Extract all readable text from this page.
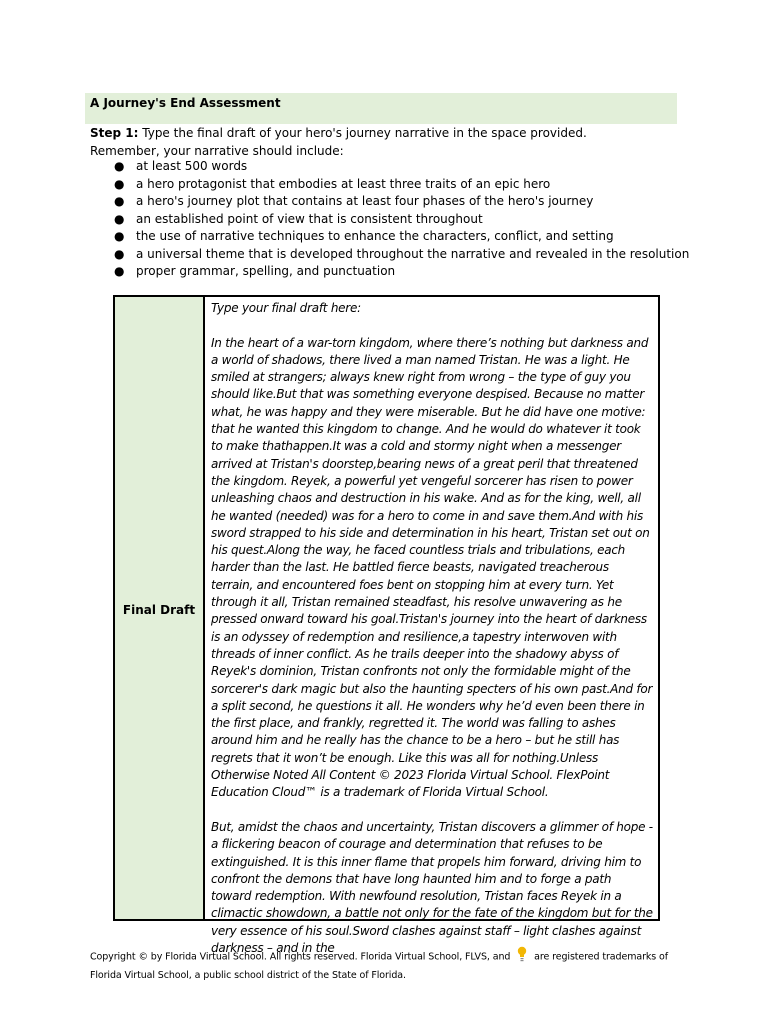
A Journey's End Assessment
Step 1: Type the final draft of your hero's journey narrative in the space provided. Remember, your narrative should include:
● at least 500 words
● a hero protagonist that embodies at least three traits of an epic hero
● a hero's journey plot that contains at least four phases of the hero's journey
● an established point of view that is consistent throughout
● the use of narrative techniques to enhance the characters, conflict, and setting
● a universal theme that is developed throughout the narrative and revealed in the resolution
● proper grammar, spelling, and punctuation
Final Draft

Type your final draft here:

In the heart of a war-torn kingdom, where there’s nothing but darkness and a world of shadows, there lived a man named Tristan. He was a light. He smiled at strangers; always knew right from wrong – the type of guy you should like.But that was something everyone despised. Because no matter what, he was happy and they were miserable. But he did have one motive: that he wanted this kingdom to change. And he would do whatever it took to make thathappen.It was a cold and stormy night when a messenger arrived at Tristan's doorstep,bearing news of a great peril that threatened the kingdom. Reyek, a powerful yet vengeful sorcerer has risen to power unleashing chaos and destruction in his wake. And as for the king, well, all he wanted (needed) was for a hero to come in and save them.And with his sword strapped to his side and determination in his heart, Tristan set out on his quest.Along the way, he faced countless trials and tribulations, each harder than the last. He battled fierce beasts, navigated treacherous terrain, and encountered foes bent on stopping him at every turn. Yet through it all, Tristan remained steadfast, his resolve unwavering as he pressed onward toward his goal.Tristan's journey into the heart of darkness is an odyssey of redemption and resilience,a tapestry interwoven with threads of inner conflict. As he trails deeper into the shadowy abyss of Reyek's dominion, Tristan confronts not only the formidable might of the sorcerer's dark magic but also the haunting specters of his own past.And for a split second, he questions it all. He wonders why he’d even been there in the first place, and frankly, regretted it. The world was falling to ashes around him and he really has the chance to be a hero – but he still has regrets that it won’t be enough. Like this was all for nothing.Unless Otherwise Noted All Content © 2023 Florida Virtual School. FlexPoint Education Cloud™ is a trademark of Florida Virtual School.

But, amidst the chaos and uncertainty, Tristan discovers a glimmer of hope - a flickering beacon of courage and determination that refuses to be extinguished. It is this inner flame that propels him forward, driving him to confront the demons that have long haunted him and to forge a path toward redemption. With newfound resolution, Tristan faces Reyek in a climactic showdown, a battle not only for the fate of the kingdom but for the very essence of his soul.Sword clashes against staff – light clashes against darkness – and in the

Copyright © by Florida Virtual School. All rights reserved. Florida Virtual School, FLVS, and	are registered trademarks of Florida Virtual School, a public school district of the State of Florida.
